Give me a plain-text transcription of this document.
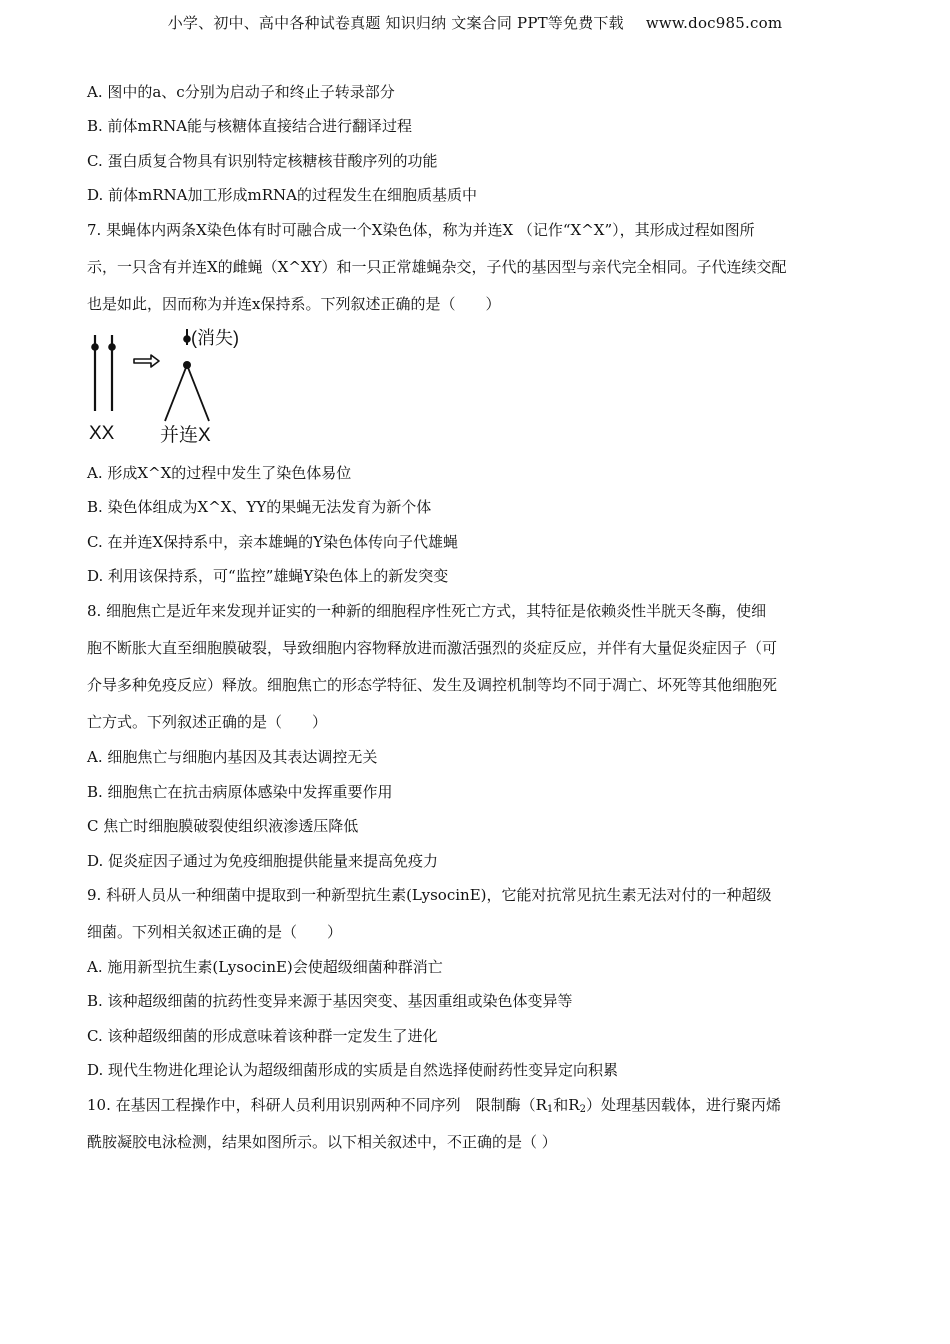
小学、初中、高中各种试卷真题 知识归纳 文案合同 PPT等免费下载 www.doc985.com
A. 图中的a、c分别为启动子和终止子转录部分
B. 前体mRNA能与核糖体直接结合进行翻译过程
C. 蛋白质复合物具有识别特定核糖核苷酸序列的功能
D. 前体mRNA加工形成mRNA的过程发生在细胞质基质中
7. 果蝇体内两条X染色体有时可融合成一个X染色体，称为并连X （记作“X^X”），其形成过程如图所
示，一只含有并连X的雌蝇（X^XY）和一只正常雄蝇杂交，子代的基因型与亲代完全相同。子代连续交配
也是如此，因而称为并连x保持系。下列叙述正确的是（　　）
A. 形成X^X的过程中发生了染色体易位
B. 染色体组成为X^X、YY的果蝇无法发育为新个体
C. 在并连X保持系中，亲本雄蝇的Y染色体传向子代雄蝇
D. 利用该保持系，可“监控”雄蝇Y染色体上的新发突变
8. 细胞焦亡是近年来发现并证实的一种新的细胞程序性死亡方式，其特征是依赖炎性半胱天冬酶，使细
胞不断胀大直至细胞膜破裂，导致细胞内容物释放进而激活强烈的炎症反应，并伴有大量促炎症因子（可
介导多种免疫反应）释放。细胞焦亡的形态学特征、发生及调控机制等均不同于凋亡、坏死等其他细胞死
亡方式。下列叙述正确的是（　　）
A. 细胞焦亡与细胞内基因及其表达调控无关
B. 细胞焦亡在抗击病原体感染中发挥重要作用
C 焦亡时细胞膜破裂使组织液渗透压降低
D. 促炎症因子通过为免疫细胞提供能量来提高免疫力
9. 科研人员从一种细菌中提取到一种新型抗生素(LysocinE)，它能对抗常见抗生素无法对付的一种超级
细菌。下列相关叙述正确的是（　　）
A. 施用新型抗生素(LysocinE)会使超级细菌种群消亡
B. 该种超级细菌的抗药性变异来源于基因突变、基因重组或染色体变异等
C. 该种超级细菌的形成意味着该种群一定发生了进化
D. 现代生物进化理论认为超级细菌形成的实质是自然选择使耐药性变异定向积累
10. 在基因工程操作中，科研人员利用识别两种不同序列　限制酶（$R_1$和$R_2$）处理基因载体，进行聚丙烯
酰胺凝胶电泳检测，结果如图所示。以下相关叙述中，不正确的是（ ）
(消失)
XX 并连X
